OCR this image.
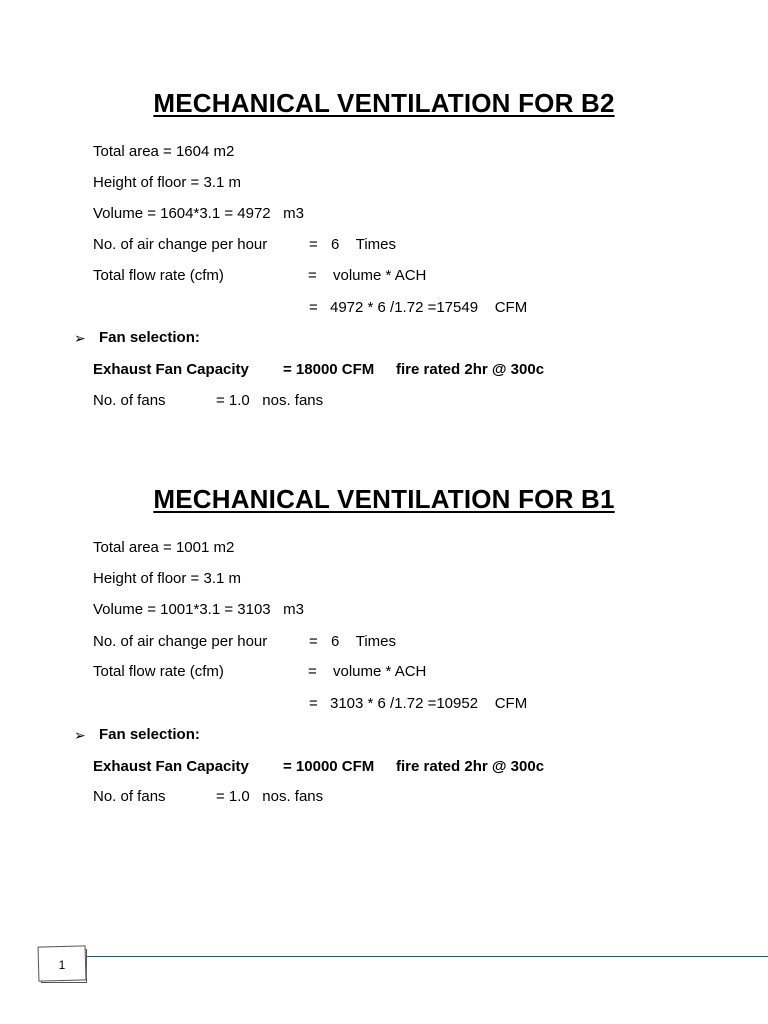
MECHANICAL VENTILATION FOR B2
Total area = 1604 m2
Height of floor = 3.1 m
Volume = 1604*3.1 = 4972   m3
No. of air change per hour	= 6    Times
Total flow rate (cfm)	= volume * ACH
= 4972 * 6 /1.72 =17549    CFM
➢ Fan selection:
Exhaust Fan Capacity = 18000 CFM fire rated 2hr @ 300c
No. of fans	= 1.0   nos. fans
MECHANICAL VENTILATION FOR B1
Total area = 1001 m2
Height of floor = 3.1 m
Volume = 1001*3.1 = 3103   m3
No. of air change per hour	= 6    Times
Total flow rate (cfm)	= volume * ACH
= 3103 * 6 /1.72 =10952    CFM
➢ Fan selection:
Exhaust Fan Capacity = 10000 CFM fire rated 2hr @ 300c
No. of fans	= 1.0   nos. fans
1
